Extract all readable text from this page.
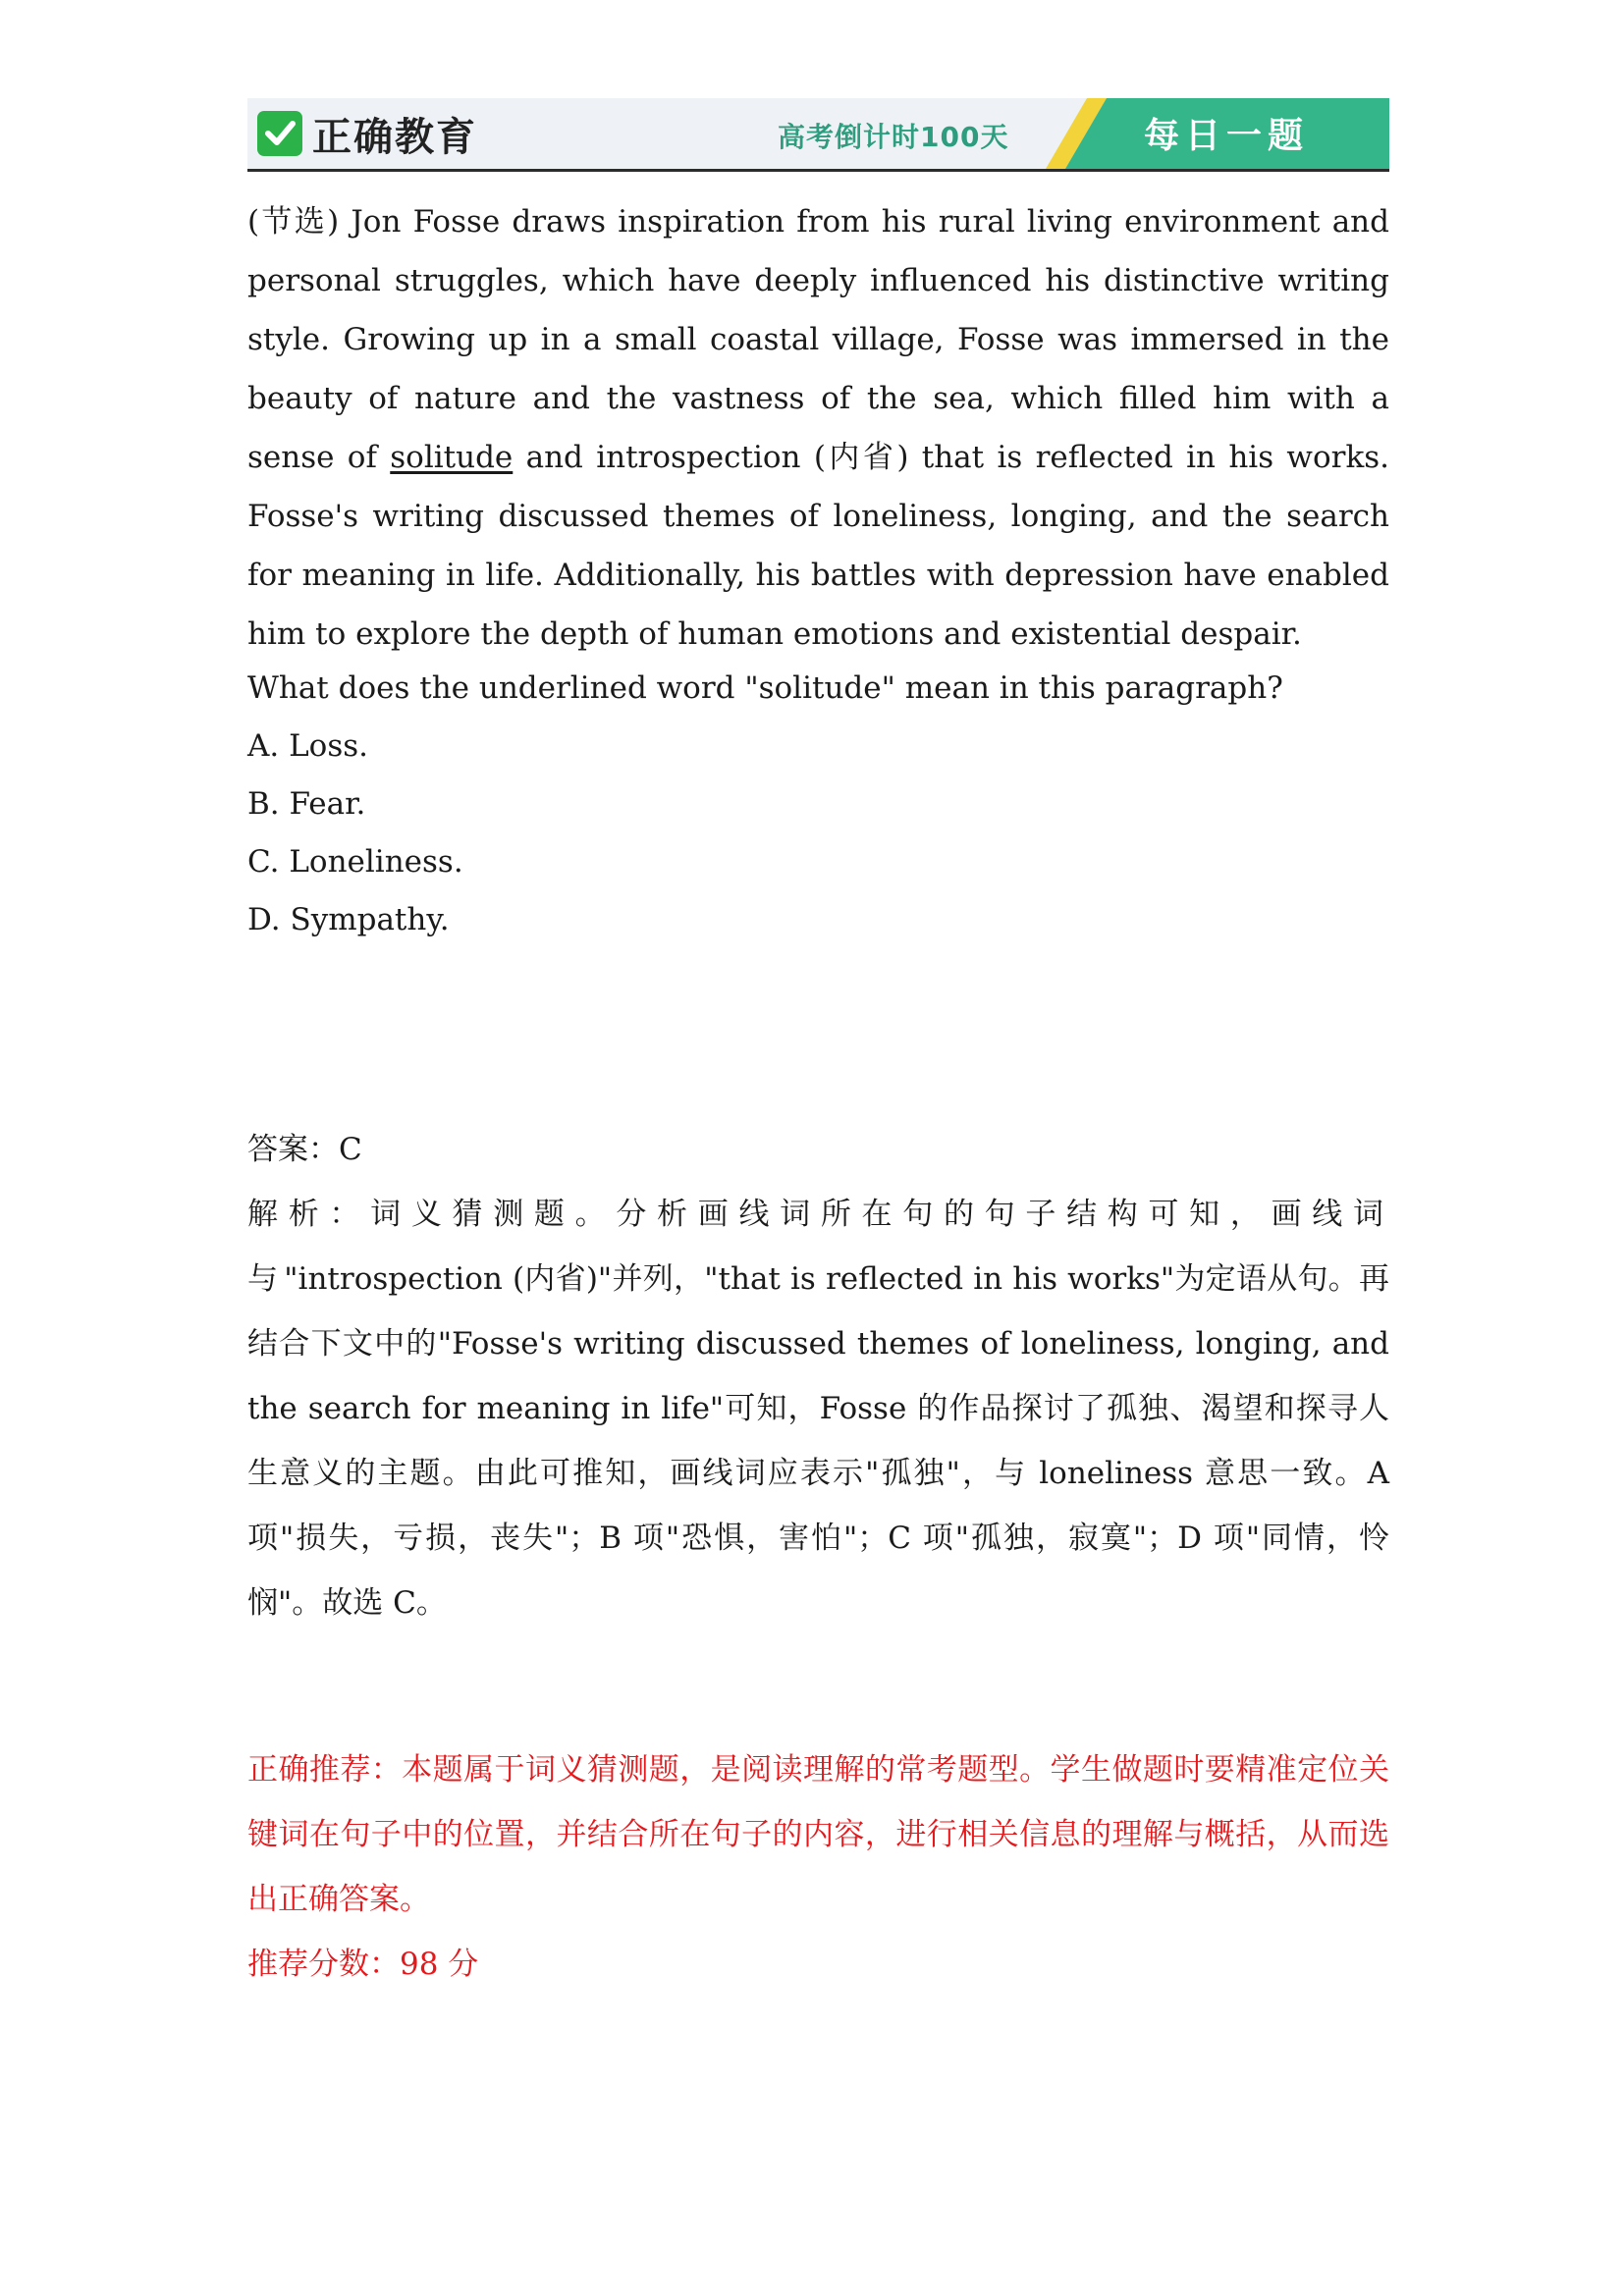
正确教育	高考倒计时100天	每日一题

(节选) Jon Fosse draws inspiration from his rural living environment and personal struggles, which have deeply influenced his distinctive writing style. Growing up in a small coastal village, Fosse was immersed in the beauty of nature and the vastness of the sea, which filled him with a sense of solitude and introspection (内省) that is reflected in his works. Fosse's writing discussed themes of loneliness, longing, and the search for meaning in life. Additionally, his battles with depression have enabled him to explore the depth of human emotions and existential despair.

What does the underlined word "solitude" mean in this paragraph?
A. Loss.
B. Fear.
C. Loneliness.
D. Sympathy.

答案：C

解析：词义猜测题。分析画线词所在句的句子结构可知，画线词与"introspection (内省)"并列，"that is reflected in his works"为定语从句。再结合下文中的"Fosse's writing discussed themes of loneliness, longing, and the search for meaning in life"可知，Fosse 的作品探讨了孤独、渴望和探寻人生意义的主题。由此可推知，画线词应表示"孤独"，与 loneliness 意思一致。A 项"损失，亏损，丧失"；B 项"恐惧，害怕"；C 项"孤独，寂寞"；D 项"同情，怜悯"。故选 C。

正确推荐：本题属于词义猜测题，是阅读理解的常考题型。学生做题时要精准定位关键词在句子中的位置，并结合所在句子的内容，进行相关信息的理解与概括，从而选出正确答案。

推荐分数：98 分
